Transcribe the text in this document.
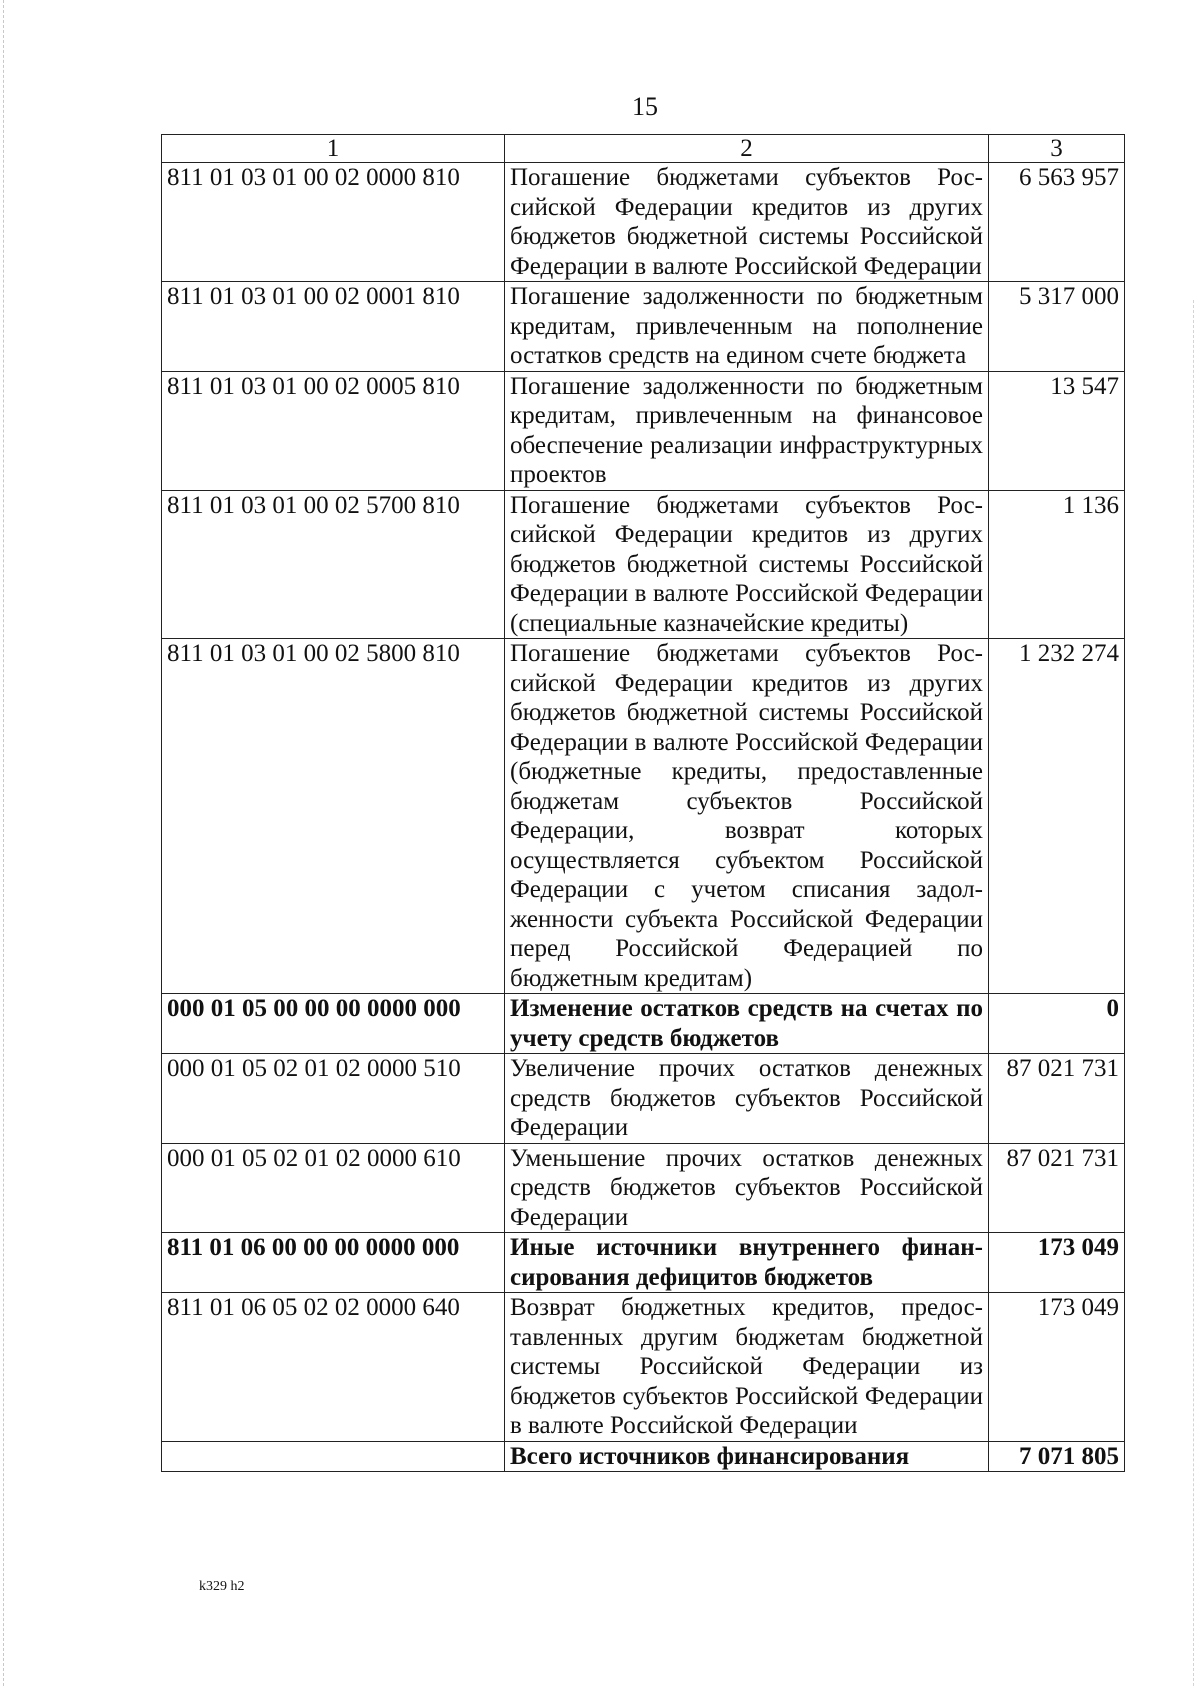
15
1	2	3
811 01 03 01 00 02 0000 810	Погашение бюджетами субъектов Российской Федерации кредитов из других бюджетов бюджетной системы Российской Федерации в валюте Российской Федерации	6 563 957
811 01 03 01 00 02 0001 810	Погашение задолженности по бюджетным кредитам, привлеченным на пополнение остатков средств на едином счете бюджета	5 317 000
811 01 03 01 00 02 0005 810	Погашение задолженности по бюджетным кредитам, привлеченным на финансовое обеспечение реализации инфраструктурных проектов	13 547
811 01 03 01 00 02 5700 810	Погашение бюджетами субъектов Российской Федерации кредитов из других бюджетов бюджетной системы Российской Федерации в валюте Российской Федерации (специальные казначейские кредиты)	1 136
811 01 03 01 00 02 5800 810	Погашение бюджетами субъектов Российской Федерации кредитов из других бюджетов бюджетной системы Российской Федерации в валюте Российской Федерации (бюджетные кредиты, предоставленные бюджетам субъектов Российской Федерации, возврат которых осуществляется субъектом Российской Федерации с учетом списания задолженности субъекта Российской Федерации перед Российской Федерацией по бюджетным кредитам)	1 232 274
000 01 05 00 00 00 0000 000	Изменение остатков средств на счетах по учету средств бюджетов	0
000 01 05 02 01 02 0000 510	Увеличение прочих остатков денежных средств бюджетов субъектов Российской Федерации	87 021 731
000 01 05 02 01 02 0000 610	Уменьшение прочих остатков денежных средств бюджетов субъектов Российской Федерации	87 021 731
811 01 06 00 00 00 0000 000	Иные источники внутреннего финансирования дефицитов бюджетов	173 049
811 01 06 05 02 02 0000 640	Возврат бюджетных кредитов, предоставленных другим бюджетам бюджетной системы Российской Федерации из бюджетов субъектов Российской Федерации в валюте Российской Федерации	173 049
	Всего источников финансирования	7 071 805
k329 h2
